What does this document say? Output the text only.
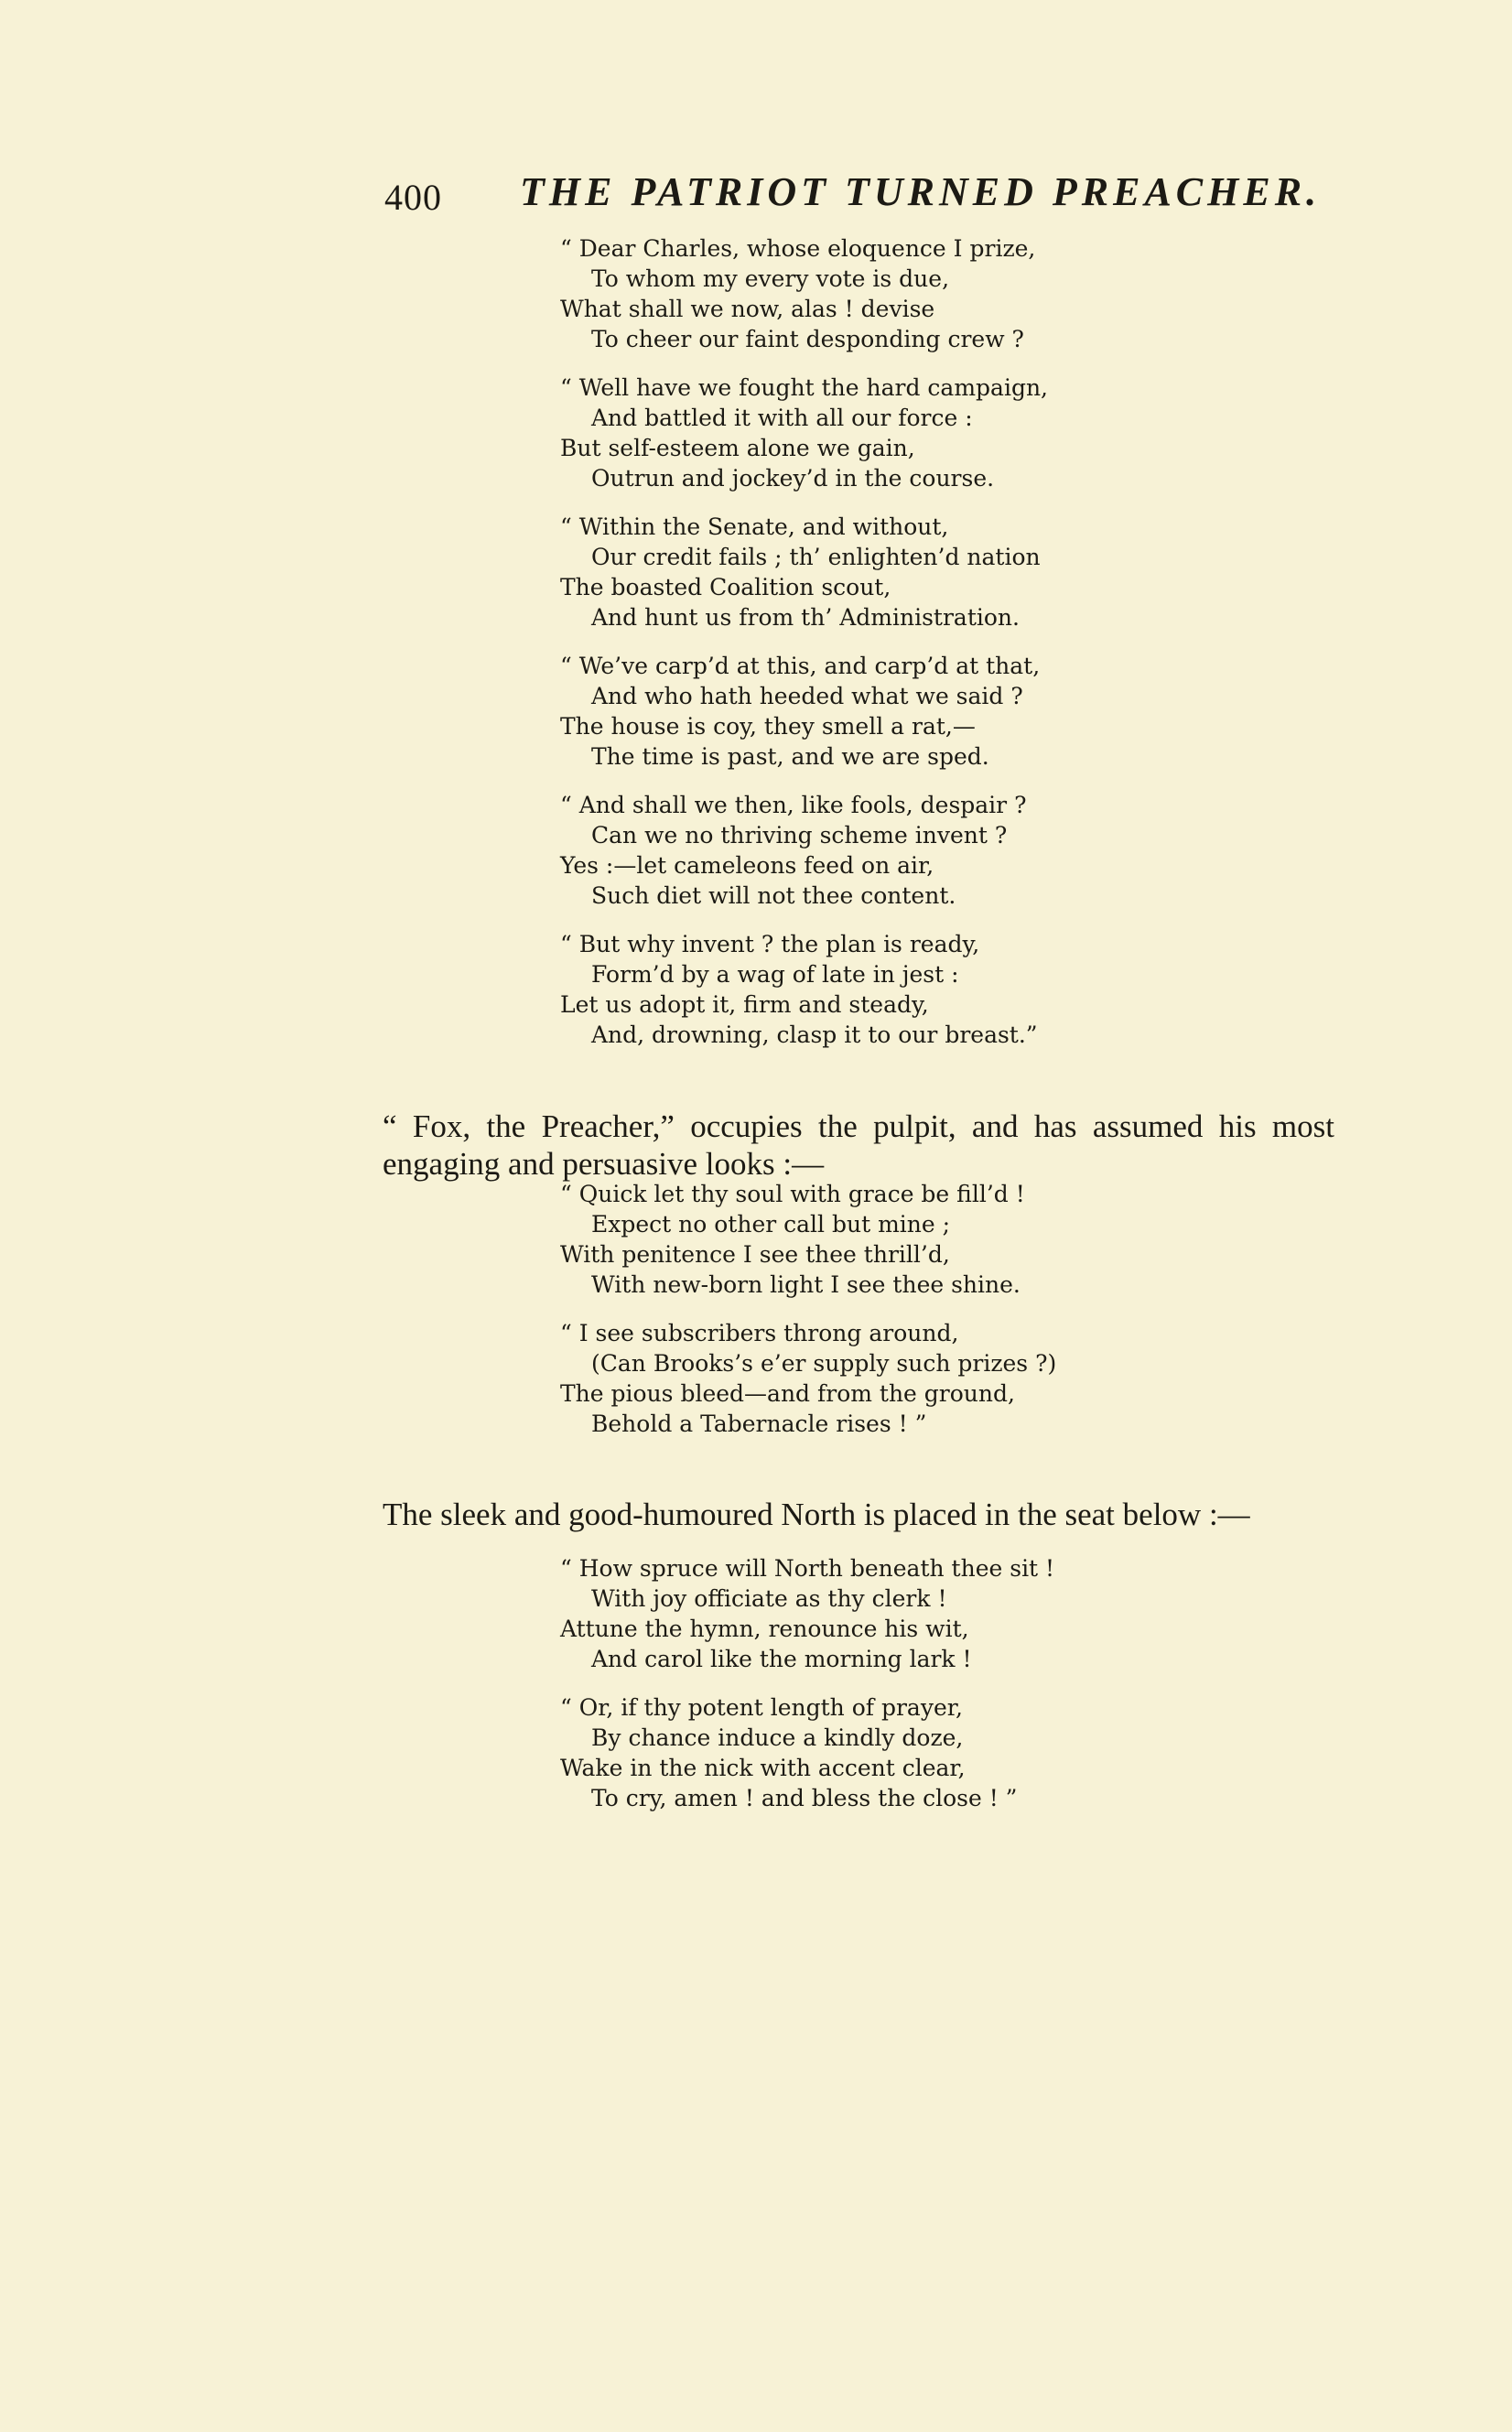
400 THE PATRIOT TURNED PREACHER.
“ Dear Charles, whose eloquence I prize,
To whom my every vote is due,
What shall we now, alas ! devise
To cheer our faint desponding crew ?
“ Well have we fought the hard campaign,
And battled it with all our force :
But self-esteem alone we gain,
Outrun and jockey’d in the course.
“ Within the Senate, and without,
Our credit fails ; th’ enlighten’d nation
The boasted Coalition scout,
And hunt us from th’ Administration.
“ We’ve carp’d at this, and carp’d at that,
And who hath heeded what we said ?
The house is coy, they smell a rat,—
The time is past, and we are sped.
“ And shall we then, like fools, despair ?
Can we no thriving scheme invent ?
Yes :—let cameleons feed on air,
Such diet will not thee content.
“ But why invent ? the plan is ready,
Form’d by a wag of late in jest :
Let us adopt it, firm and steady,
And, drowning, clasp it to our breast.”

“ Fox, the Preacher,” occupies the pulpit, and has assumed his most engaging and persuasive looks :—

“ Quick let thy soul with grace be fill’d !
Expect no other call but mine ;
With penitence I see thee thrill’d,
With new-born light I see thee shine.
“ I see subscribers throng around,
(Can Brooks’s e’er supply such prizes ?)
The pious bleed—and from the ground,
Behold a Tabernacle rises ! ”

The sleek and good-humoured North is placed in the seat below :—

“ How spruce will North beneath thee sit !
With joy officiate as thy clerk !
Attune the hymn, renounce his wit,
And carol like the morning lark !
“ Or, if thy potent length of prayer,
By chance induce a kindly doze,
Wake in the nick with accent clear,
To cry, amen ! and bless the close ! ”
